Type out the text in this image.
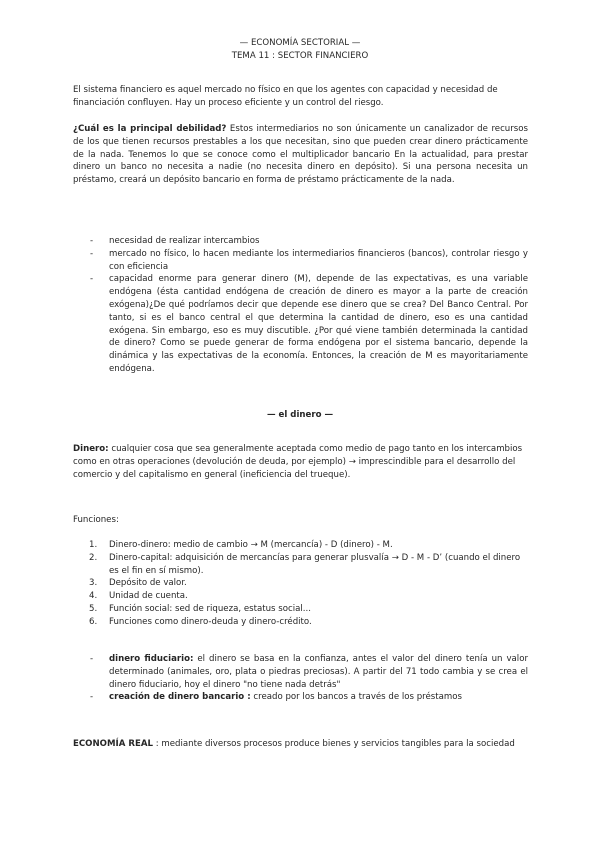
— ECONOMÍA SECTORIAL —

TEMA 11 : SECTOR FINANCIERO

El sistema financiero es aquel mercado no físico en que los agentes con capacidad y necesidad de financiación confluyen. Hay un proceso eficiente y un control del riesgo.

¿Cuál es la principal debilidad? Estos intermediarios no son únicamente un canalizador de recursos de los que tienen recursos prestables a los que necesitan, sino que pueden crear dinero prácticamente de la nada. Tenemos lo que se conoce como el multiplicador bancario En la actualidad, para prestar dinero un banco no necesita a nadie (no necesita dinero en depósito). Si una persona necesita un préstamo, creará un depósito bancario en forma de préstamo prácticamente de la nada.

- necesidad de realizar intercambios
- mercado no físico, lo hacen mediante los intermediarios financieros (bancos), controlar riesgo y con eficiencia
- capacidad enorme para generar dinero (M), depende de las expectativas, es una variable endógena (ésta cantidad endógena de creación de dinero es mayor a la parte de creación exógena)¿De qué podríamos decir que depende ese dinero que se crea? Del Banco Central. Por tanto, si es el banco central el que determina la cantidad de dinero, eso es una cantidad exógena. Sin embargo, eso es muy discutible. ¿Por qué viene también determinada la cantidad de dinero? Como se puede generar de forma endógena por el sistema bancario, depende la dinámica y las expectativas de la economía. Entonces, la creación de M es mayoritariamente endógena.

— el dinero —

Dinero: cualquier cosa que sea generalmente aceptada como medio de pago tanto en los intercambios como en otras operaciones (devolución de deuda, por ejemplo) → imprescindible para el desarrollo del comercio y del capitalismo en general (ineficiencia del trueque).

Funciones:

1. Dinero-dinero: medio de cambio → M (mercancía) - D (dinero) - M.
2. Dinero-capital: adquisición de mercancías para generar plusvalía → D - M - D’ (cuando el dinero es el fin en sí mismo).
3. Depósito de valor.
4. Unidad de cuenta.
5. Función social: sed de riqueza, estatus social...
6. Funciones como dinero-deuda y dinero-crédito.
- dinero fiduciario: el dinero se basa en la confianza, antes el valor del dinero tenía un valor determinado (animales, oro, plata o piedras preciosas). A partir del 71 todo cambia y se crea el dinero fiduciario, hoy el dinero "no tiene nada detrás"
- creación de dinero bancario : creado por los bancos a través de los préstamos

ECONOMÍA REAL : mediante diversos procesos produce bienes y servicios tangibles para la sociedad
